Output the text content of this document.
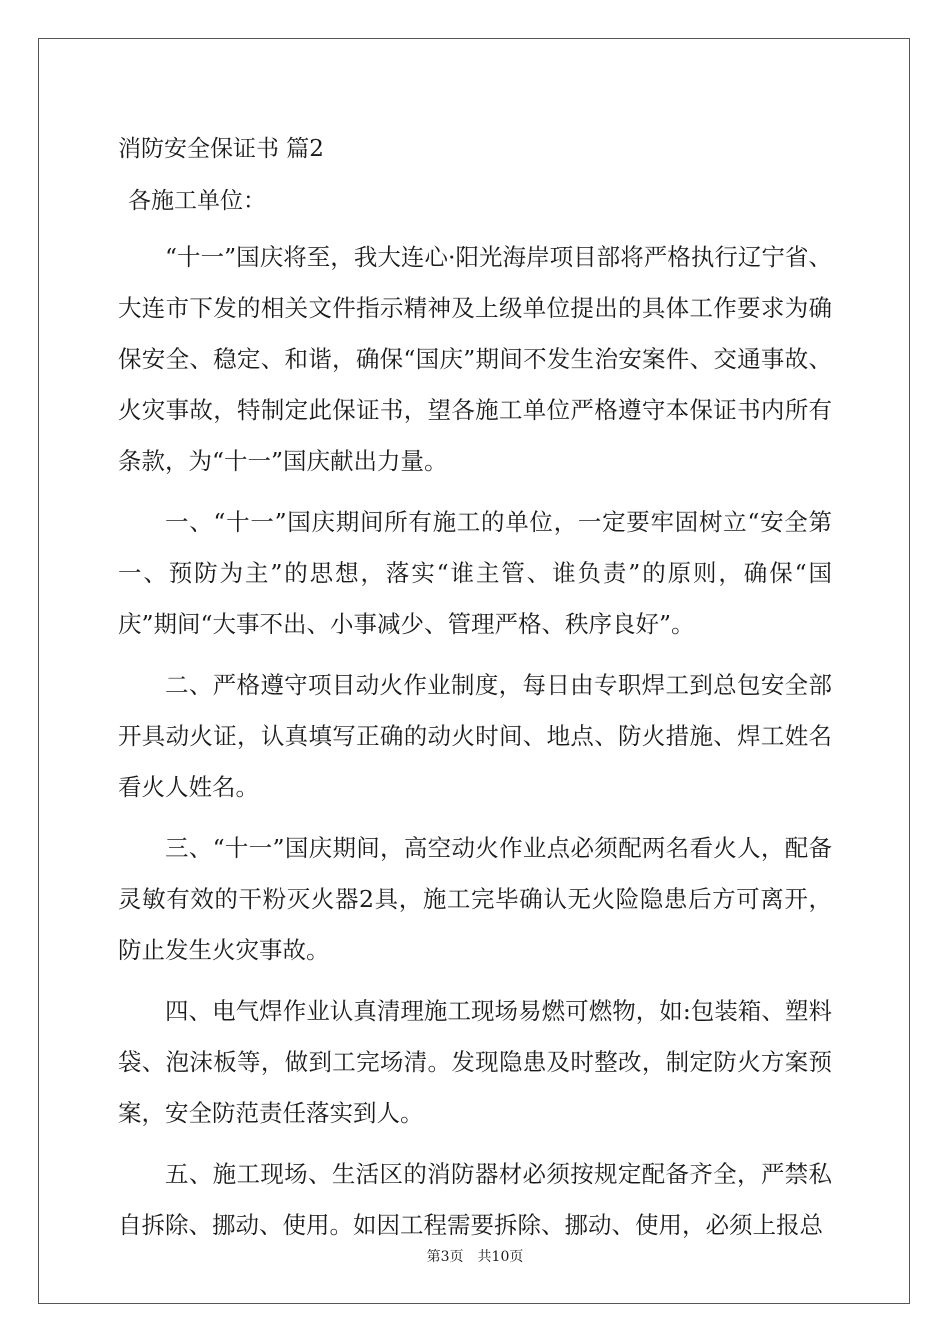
消防安全保证书 篇2
各施工单位：

“十一”国庆将至，我大连心·阳光海岸项目部将严格执行辽宁省、大连市下发的相关文件指示精神及上级单位提出的具体工作要求为确保安全、稳定、和谐，确保“国庆”期间不发生治安案件、交通事故、火灾事故，特制定此保证书，望各施工单位严格遵守本保证书内所有条款，为“十一”国庆献出力量。

一、“十一”国庆期间所有施工的单位，一定要牢固树立“安全第一、预防为主”的思想，落实“谁主管、谁负责”的原则，确保“国庆”期间“大事不出、小事减少、管理严格、秩序良好”。

二、严格遵守项目动火作业制度，每日由专职焊工到总包安全部开具动火证，认真填写正确的动火时间、地点、防火措施、焊工姓名看火人姓名。

三、“十一”国庆期间，高空动火作业点必须配两名看火人，配备灵敏有效的干粉灭火器2具，施工完毕确认无火险隐患后方可离开，防止发生火灾事故。

四、电气焊作业认真清理施工现场易燃可燃物，如:包装箱、塑料袋、泡沫板等，做到工完场清。发现隐患及时整改，制定防火方案预案，安全防范责任落实到人。

五、施工现场、生活区的消防器材必须按规定配备齐全，严禁私自拆除、挪动、使用。如因工程需要拆除、挪动、使用，必须上报总

第3页　共10页
